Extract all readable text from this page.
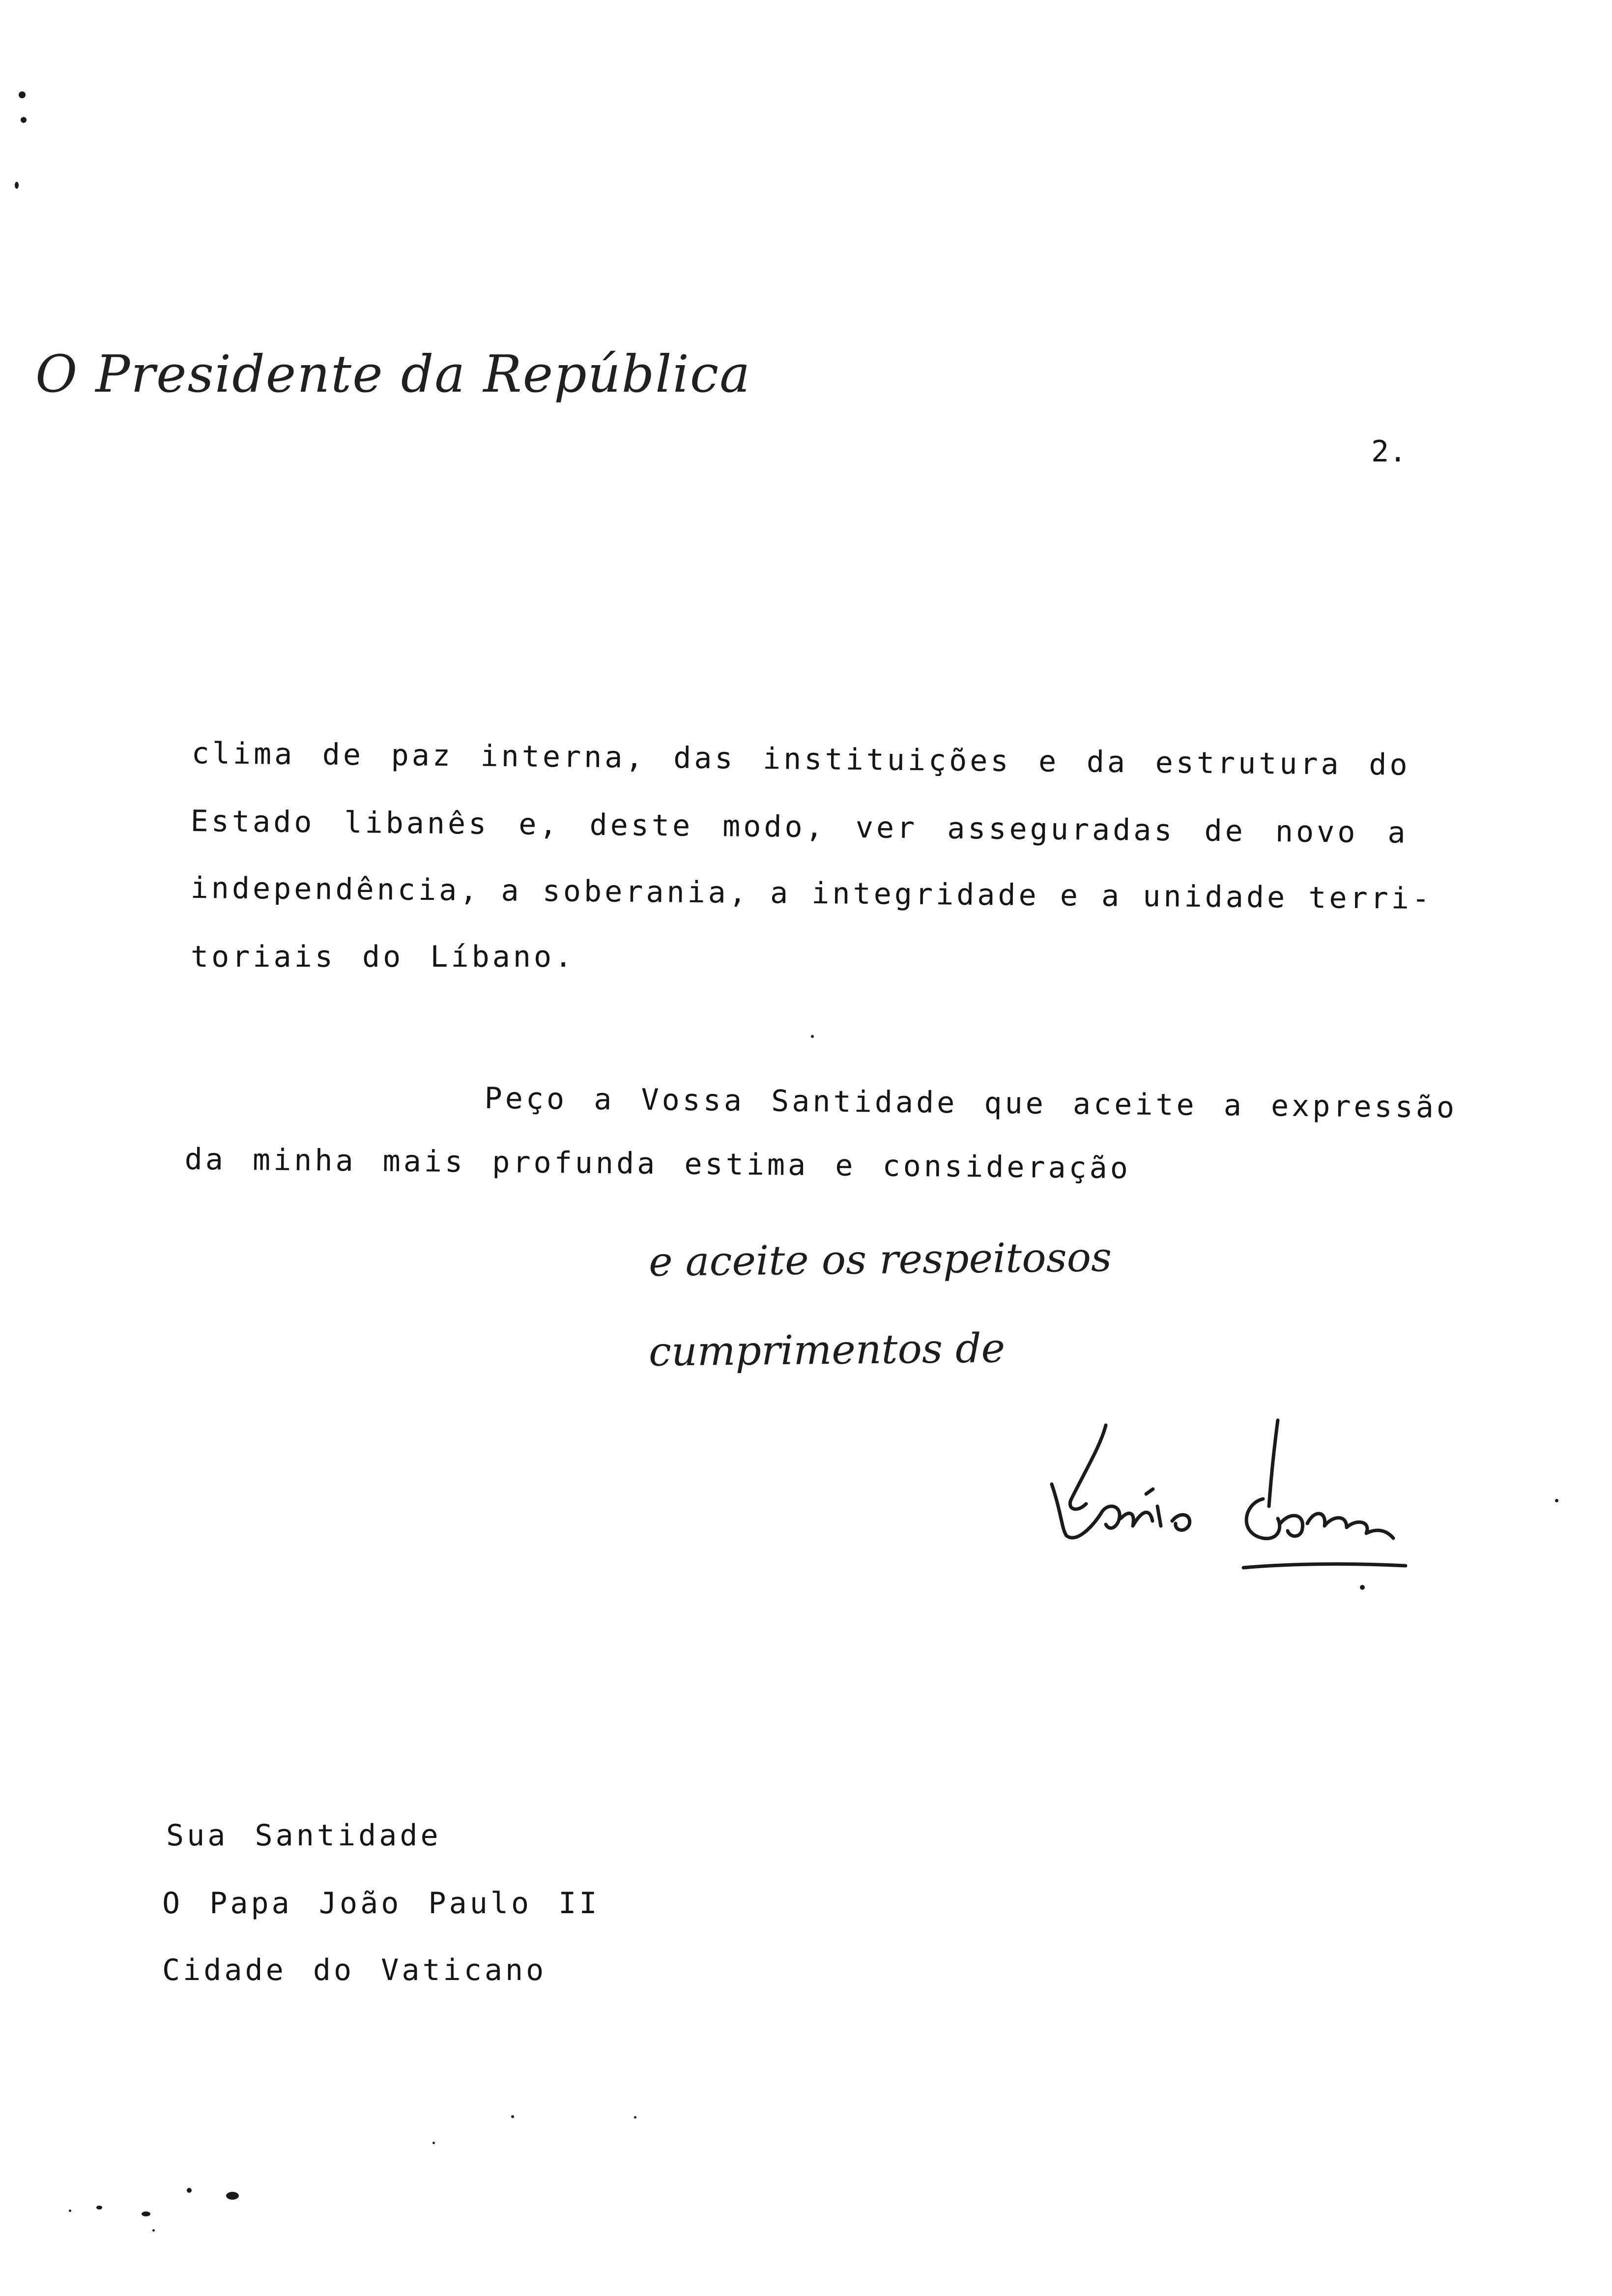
O Presidente da República
2.
clima de paz interna, das instituições e da estrutura do
Estado libanês e, deste modo, ver asseguradas de novo a
independência, a soberania, a integridade e a unidade terri-
toriais do Líbano.
Peço a Vossa Santidade que aceite a expressão
da minha mais profunda estima e consideração
e aceite os respeitosos
cumprimentos de
Sua Santidade
O Papa João Paulo II
Cidade do Vaticano
